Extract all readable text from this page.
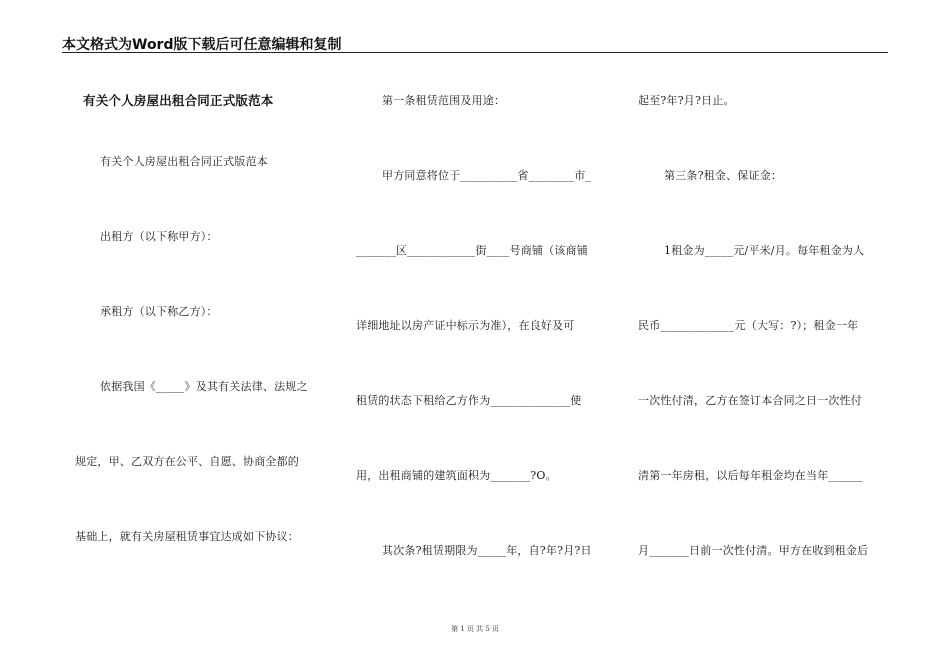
本文格式为Word版下载后可任意编辑和复制
有关个人房屋出租合同正式版范本
有关个人房屋出租合同正式版范本
出租方（以下称甲方）：
承租方（以下称乙方）：
依据我国《_____》及其有关法律、法规之
规定，甲、乙双方在公平、自愿、协商全都的
基础上，就有关房屋租赁事宜达成如下协议：
第一条租赁范围及用途：
甲方同意将位于__________省________市_
_______区____________街____号商铺（该商铺
详细地址以房产证中标示为准），在良好及可
租赁的状态下租给乙方作为______________使
用，出租商铺的建筑面积为_______?O。
其次条?租赁期限为_____年，自?年?月?日
起至?年?月?日止。
第三条?租金、保证金：
1租金为_____元/平米/月。每年租金为人
民币_____________元（大写：?）；租金一年
一次性付清，乙方在签订本合同之日一次性付
清第一年房租，以后每年租金均在当年______
月_______日前一次性付清。甲方在收到租金后
第 1 页 共 5 页
